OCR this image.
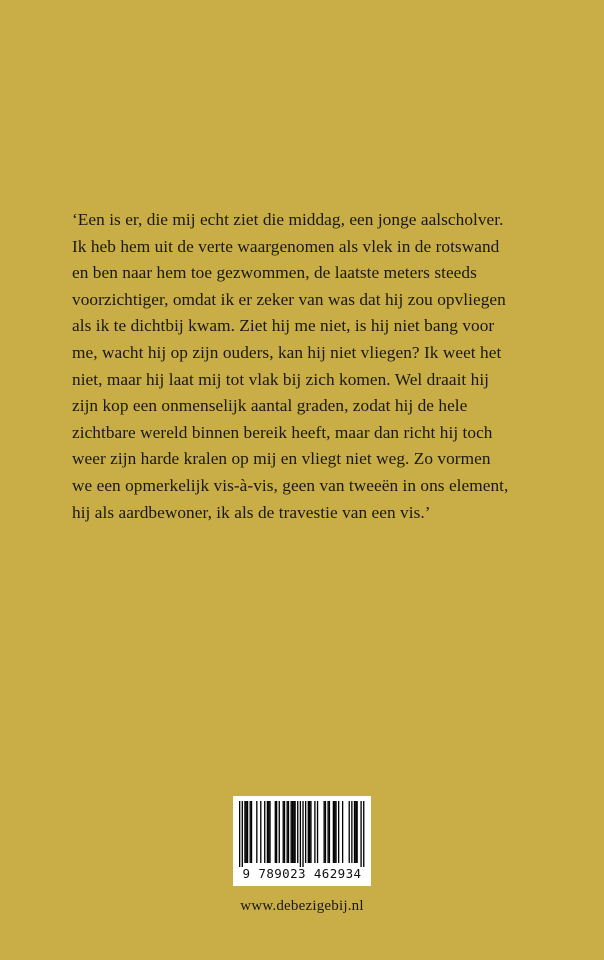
‘Een is er, die mij echt ziet die middag, een jonge aalscholver.
Ik heb hem uit de verte waargenomen als vlek in de rotswand
en ben naar hem toe gezwommen, de laatste meters steeds
voorzichtiger, omdat ik er zeker van was dat hij zou opvliegen
als ik te dichtbij kwam. Ziet hij me niet, is hij niet bang voor
me, wacht hij op zijn ouders, kan hij niet vliegen? Ik weet het
niet, maar hij laat mij tot vlak bij zich komen. Wel draait hij
zijn kop een onmenselijk aantal graden, zodat hij de hele
zichtbare wereld binnen bereik heeft, maar dan richt hij toch
weer zijn harde kralen op mij en vliegt niet weg. Zo vormen
we een opmerkelijk vis-à-vis, geen van tweeën in ons element,
hij als aardbewoner, ik als de travestie van een vis.’
9 789023 462934
www.debezigebij.nl
